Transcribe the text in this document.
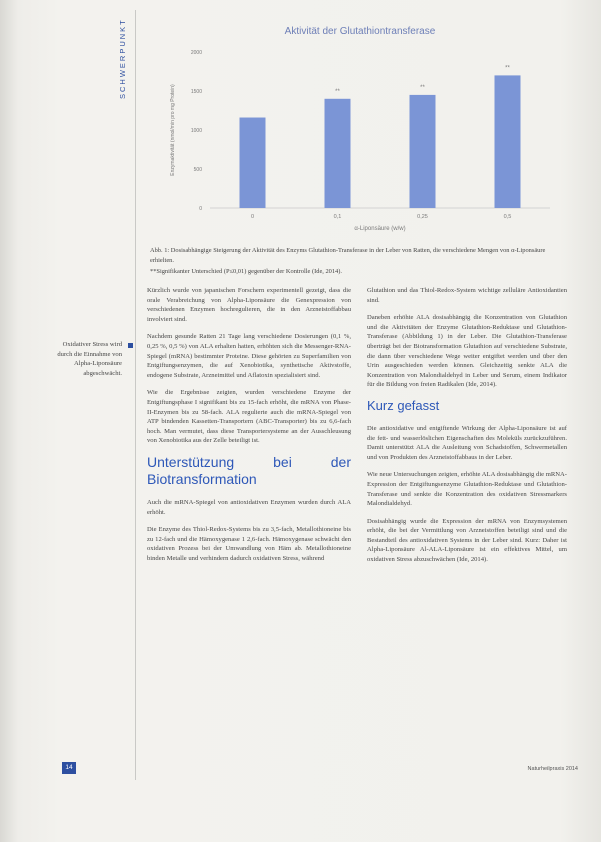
SCHWERPUNKT
0
500
1000
1500
2000
Enzymaktivität (nmol/min pro mg Protein)
0	0,1
**
0,25
**
0,5
**
α-Liponsäure (w/w)
Aktivität der Glutathiontransferase

Abb. 1: Dosisabhängige Steigerung der Aktivität des Enzyms Glutathion-Transferase in der Leber von Ratten, die verschiedene Mengen von α-Liponsäure erhielten.

**Signifikanter Unterschied (P≤0,01) gegenüber der Kontrolle (Ide, 2014).

Kürzlich wurde von japanischen Forschern experimentell gezeigt, dass die orale Verabreichung von Alpha-Liponsäure die Genexpression von verschiedenen Enzymen hochregulieren, die in den Arzneistoffabbau involviert sind.

Nachdem gesunde Ratten 21 Tage lang verschiedene Dosierungen (0,1 %, 0,25 %, 0,5 %) von ALA erhalten hatten, erhöhten sich die Messenger-RNA-Spiegel (mRNA) bestimmter Proteine. Diese gehörten zu Superfamilien von Entgiftungsenzymen, die auf Xenobiotika, synthetische Aktivstoffe, endogene Substrate, Arzneimittel und Aflatoxin spezialisiert sind.

Wie die Ergebnisse zeigten, wurden verschiedene Enzyme der Entgiftungsphase I signifikant bis zu 15-fach erhöht, die mRNA von Phase-II-Enzymen bis zu 58-fach. ALA regulierte auch die mRNA-Spiegel von ATP bindenden Kassetten-Transportern (ABC-Transporter) bis zu 6,6-fach hoch. Man vermutet, dass diese Transportersysteme an der Ausschleusung von Xenobiotika aus der Zelle beteiligt ist.

Unterstützung bei der Biotransformation

Auch die mRNA-Spiegel von antioxidativen Enzymen wurden durch ALA erhöht.

Die Enzyme des Thiol-Redox-Systems bis zu 3,5-fach, Metallothioneine bis zu 12-fach und die Hämoxygenase 1 2,6-fach. Hämoxygenase schwächt den oxidativen Prozess bei der Umwandlung von Häm ab. Metallothioneine binden Metalle und verhindern dadurch oxidativen Stress, während

Oxidativer Stress wird durch die Einnahme von Alpha-Liponsäure abgeschwächt.

Glutathion und das Thiol-Redox-System wichtige zelluläre Antioxidantien sind.

Daneben erhöhte ALA dosisabhängig die Konzentration von Glutathion und die Aktivitäten der Enzyme Glutathion-Reduktase und Glutathion-Transferase (Abbildung 1) in der Leber. Die Glutathion-Transferase überträgt bei der Biotransformation Glutathion auf verschiedene Substrate, die dann über verschiedene Wege weiter entgiftet werden und über den Urin ausgeschieden werden können. Gleichzeitig senkte ALA die Konzentration von Malondialdehyd in Leber und Serum, einem Indikator für die Bildung von freien Radikalen (Ide, 2014).

Kurz gefasst

Die antioxidative und entgiftende Wirkung der Alpha-Liponsäure ist auf die fett- und wasserlöslichen Eigenschaften des Moleküls zurückzuführen. Damit unterstützt ALA die Ausleitung von Schadstoffen, Schwermetallen und von Produkten des Arzneistoffabbaus in der Leber.

Wie neue Untersuchungen zeigten, erhöhte ALA dosisabhängig die mRNA-Expression der Entgiftungsenzyme Glutathion-Reduktase und Glutathion-Transferase und senkte die Konzentration des oxidativen Stressmarkers Malondialdehyd.

Dosisabhängig wurde die Expression der mRNA von Enzymsystemen erhöht, die bei der Vermittlung von Arzneistoffen beteiligt sind und die Bestandteil des antioxidativen Systems in der Leber sind. Kurz: Daher ist Alpha-Liponsäure Al-ALA-Liponsäure ist ein effektives Mittel, um oxidativen Stress abzuschwächen (Ide, 2014).

14	Naturheilpraxis 2014
